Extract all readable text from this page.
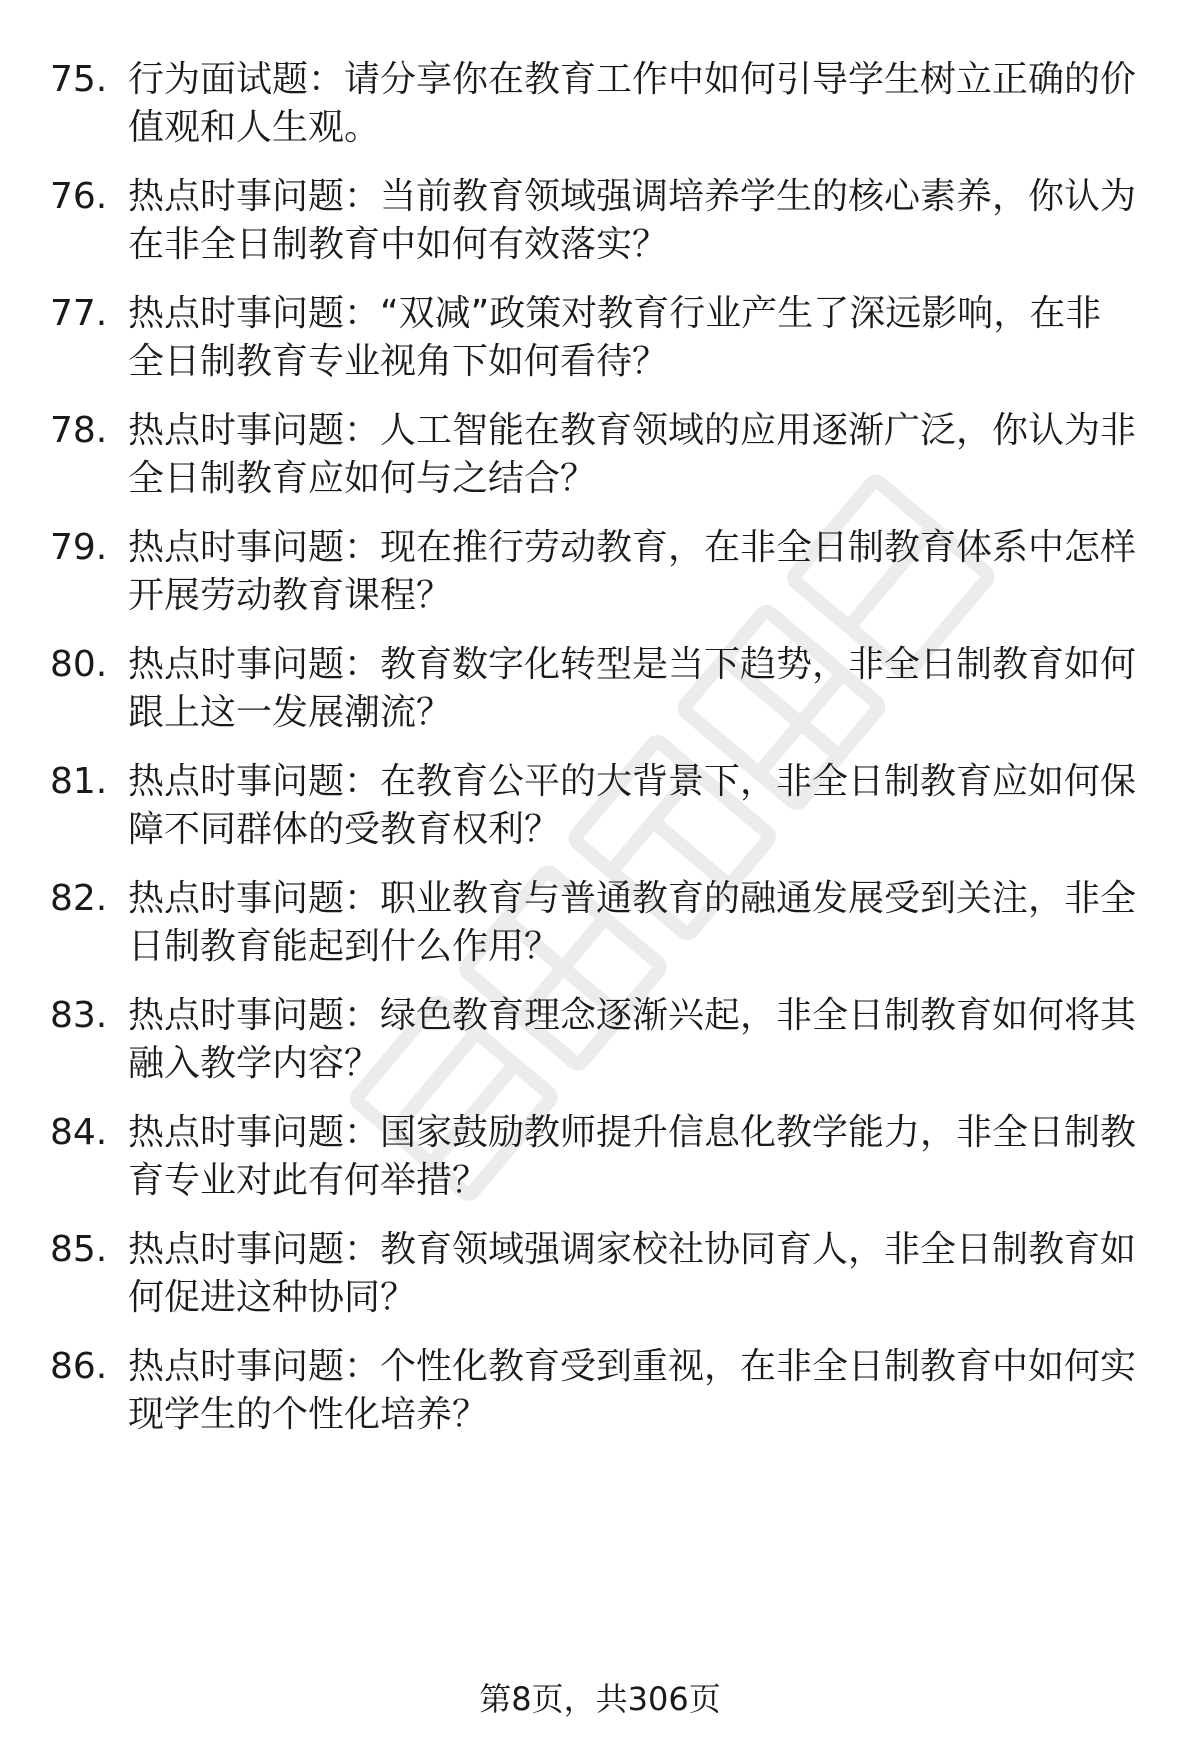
75. 行为面试题：请分享你在教育工作中如何引导学生树立正确的价
值观和人生观。
76. 热点时事问题：当前教育领域强调培养学生的核心素养，你认为
在非全日制教育中如何有效落实？
77. 热点时事问题：“双减”政策对教育行业产生了深远影响，在非
全日制教育专业视角下如何看待？
78. 热点时事问题：人工智能在教育领域的应用逐渐广泛，你认为非
全日制教育应如何与之结合？
79. 热点时事问题：现在推行劳动教育，在非全日制教育体系中怎样
开展劳动教育课程？
80. 热点时事问题：教育数字化转型是当下趋势，非全日制教育如何
跟上这一发展潮流？
81. 热点时事问题：在教育公平的大背景下，非全日制教育应如何保
障不同群体的受教育权利？
82. 热点时事问题：职业教育与普通教育的融通发展受到关注，非全
日制教育能起到什么作用？
83. 热点时事问题：绿色教育理念逐渐兴起，非全日制教育如何将其
融入教学内容？
84. 热点时事问题：国家鼓励教师提升信息化教学能力，非全日制教
育专业对此有何举措？
85. 热点时事问题：教育领域强调家校社协同育人，非全日制教育如
何促进这种协同？
86. 热点时事问题：个性化教育受到重视，在非全日制教育中如何实
现学生的个性化培养？
第8页，共306页
